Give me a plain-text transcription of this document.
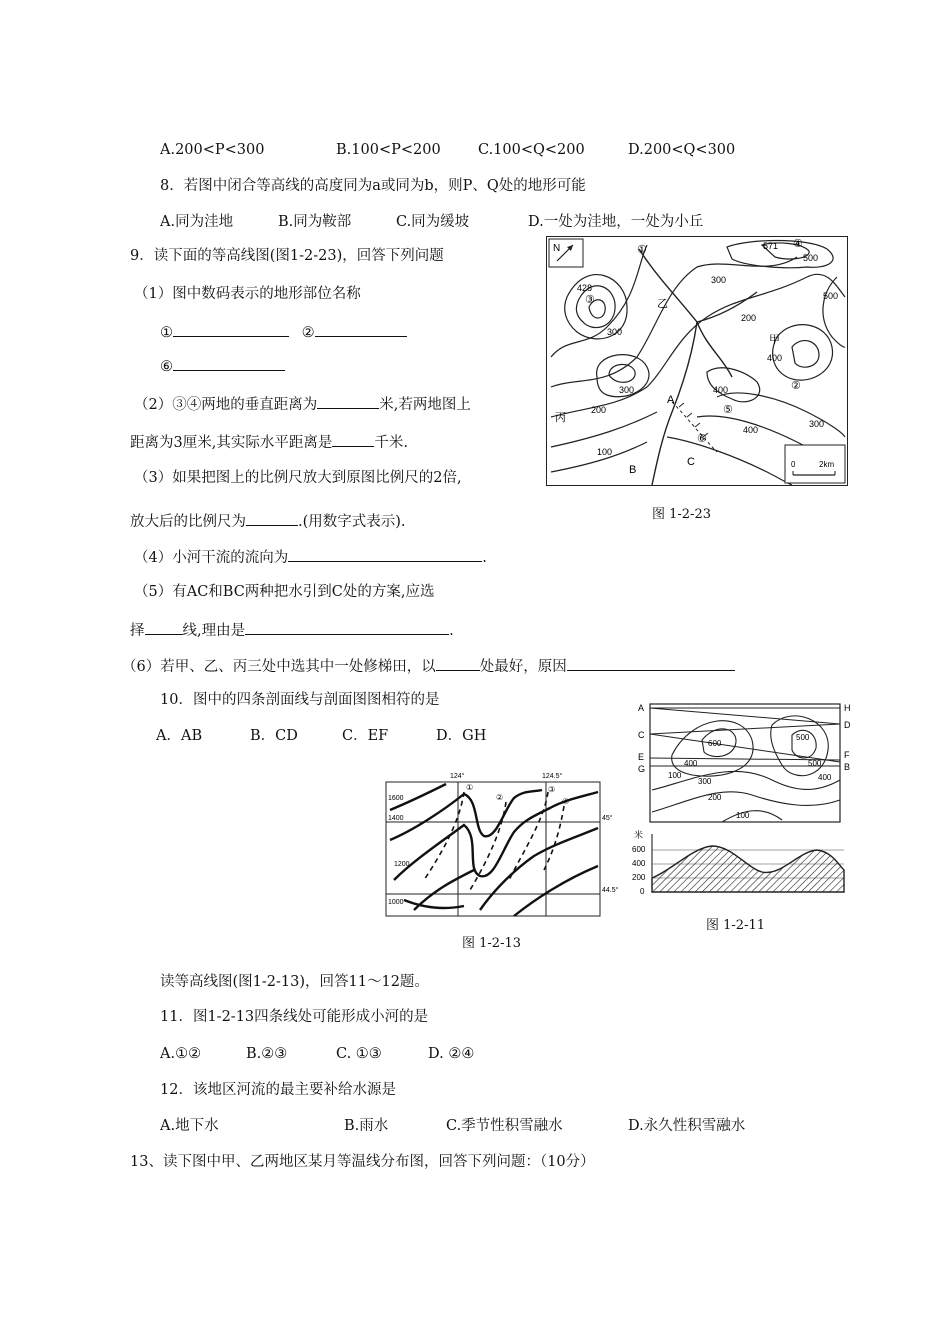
A.200<P<300	B.100<P<200	C.100<Q<200	D.200<Q<300
8．若图中闭合等高线的高度同为a或同为b，则P、Q处的地形可能
A.同为洼地	B.同为鞍部	C.同为缓坡	D.一处为洼地，一处为小丘
9．读下面的等高线图(图1-2-23)，回答下列问题
（1）图中数码表示的地形部位名称
①	②
⑥
（2）③④两地的垂直距离为	米,若两地图上
距离为3厘米,其实际水平距离是	千米.
（3）如果把图上的比例尺放大到原图比例尺的2倍,
放大后的比例尺为	.(用数字式表示).
（4）小河干流的流向为	.
（5）有AC和BC两种把水引到C处的方案,应选
择	线,理由是	.
（6）若甲、乙、丙三处中选其中一处修梯田，以	处最好，原因
N	①
②
③
④
⑤
⑥
甲
乙
丙
A
B
C
571
500
500
428
300
300
300
300
200
200
400
400
400
100
0	2km
图 1-2-23
10．图中的四条剖面线与剖面图图相符的是
A．AB	B．CD	C．EF	D．GH
A
C
E
G
H
D
F
B
600
500
500
400
400
300
200
100
100
米
600
400
200
0
图 1-2-11
124°	124.5°
45°
44.5°
1600
1400
1200
1000
①
②
③
④
图 1-2-13
读等高线图(图1-2-13)，回答11～12题。
11．图1-2-13四条线处可能形成小河的是
A.①②	B.②③	C. ①③	D. ②④
12．该地区河流的最主要补给水源是
A.地下水	B.雨水	C.季节性积雪融水	D.永久性积雪融水
13、读下图中甲、乙两地区某月等温线分布图，回答下列问题：（10分）
